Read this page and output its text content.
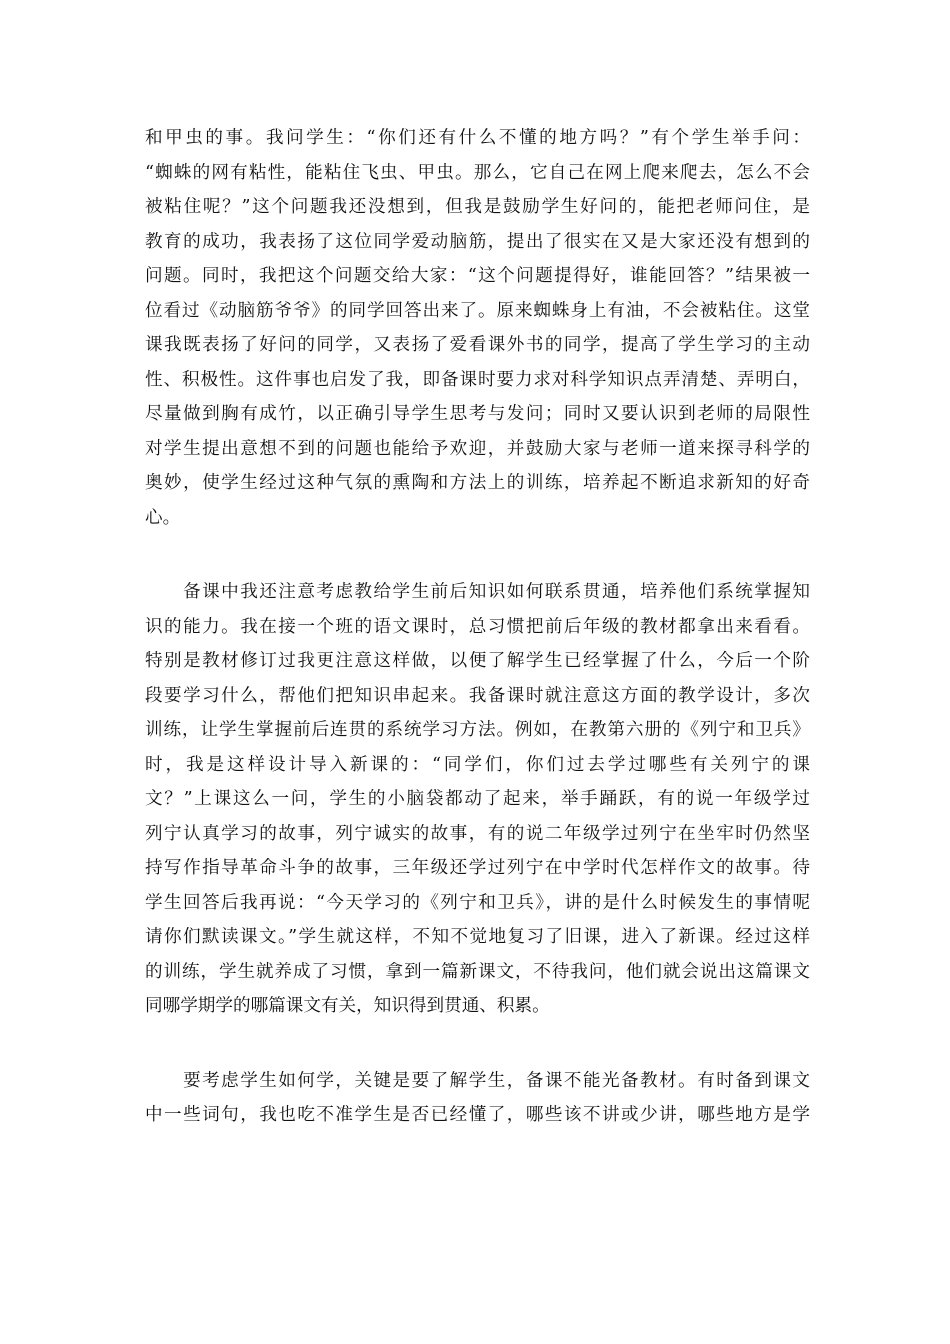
和甲虫的事。我问学生：“你们还有什么不懂的地方吗？”有个学生举手问：
“蜘蛛的网有粘性，能粘住飞虫、甲虫。那么，它自己在网上爬来爬去，怎么不会
被粘住呢？”这个问题我还没想到，但我是鼓励学生好问的，能把老师问住，是
教育的成功，我表扬了这位同学爱动脑筋，提出了很实在又是大家还没有想到的
问题。同时，我把这个问题交给大家：“这个问题提得好，谁能回答？”结果被一
位看过《动脑筋爷爷》的同学回答出来了。原来蜘蛛身上有油，不会被粘住。这堂
课我既表扬了好问的同学，又表扬了爱看课外书的同学，提高了学生学习的主动
性、积极性。这件事也启发了我，即备课时要力求对科学知识点弄清楚、弄明白，
尽量做到胸有成竹，以正确引导学生思考与发问；同时又要认识到老师的局限性
对学生提出意想不到的问题也能给予欢迎，并鼓励大家与老师一道来探寻科学的
奥妙，使学生经过这种气氛的熏陶和方法上的训练，培养起不断追求新知的好奇
心。
　　备课中我还注意考虑教给学生前后知识如何联系贯通，培养他们系统掌握知
识的能力。我在接一个班的语文课时，总习惯把前后年级的教材都拿出来看看。
特别是教材修订过我更注意这样做，以便了解学生已经掌握了什么，今后一个阶
段要学习什么，帮他们把知识串起来。我备课时就注意这方面的教学设计，多次
训练，让学生掌握前后连贯的系统学习方法。例如，在教第六册的《列宁和卫兵》
时，我是这样设计导入新课的：“同学们，你们过去学过哪些有关列宁的课
文？”上课这么一问，学生的小脑袋都动了起来，举手踊跃，有的说一年级学过
列宁认真学习的故事，列宁诚实的故事，有的说二年级学过列宁在坐牢时仍然坚
持写作指导革命斗争的故事，三年级还学过列宁在中学时代怎样作文的故事。待
学生回答后我再说：“今天学习的《列宁和卫兵》，讲的是什么时候发生的事情呢
请你们默读课文。”学生就这样，不知不觉地复习了旧课，进入了新课。经过这样
的训练，学生就养成了习惯，拿到一篇新课文，不待我问，他们就会说出这篇课文
同哪学期学的哪篇课文有关，知识得到贯通、积累。
　　要考虑学生如何学，关键是要了解学生，备课不能光备教材。有时备到课文
中一些词句，我也吃不准学生是否已经懂了，哪些该不讲或少讲，哪些地方是学
